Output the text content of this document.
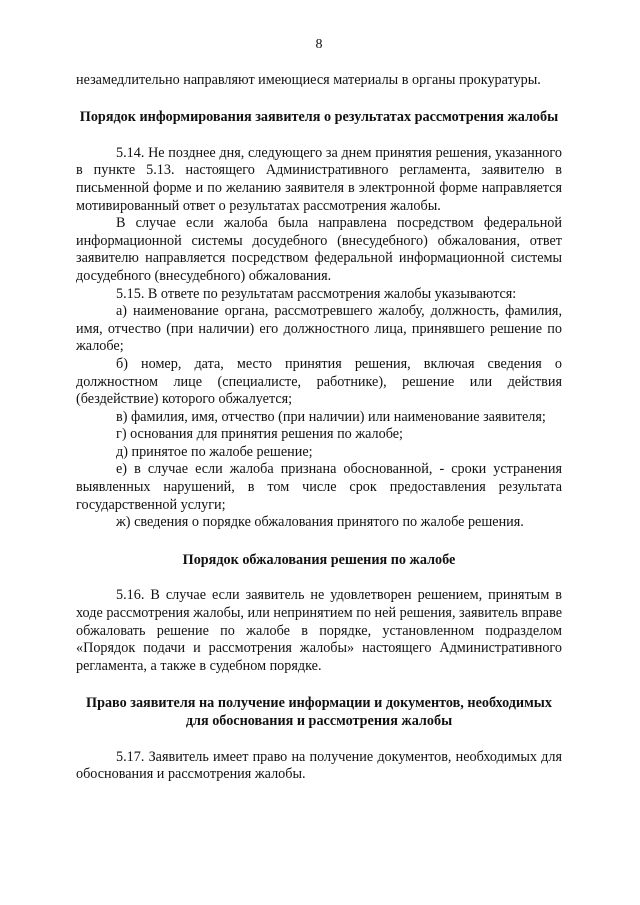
8

незамедлительно направляют имеющиеся материалы в органы прокуратуры.

Порядок информирования заявителя о результатах рассмотрения жалобы

5.14. Не позднее дня, следующего за днем принятия решения, указанного в пункте 5.13. настоящего Административного регламента, заявителю в письменной форме и по желанию заявителя в электронной форме направляется мотивированный ответ о результатах рассмотрения жалобы.

В случае если жалоба была направлена посредством федеральной информационной системы досудебного (внесудебного) обжалования, ответ заявителю направляется посредством федеральной информационной системы досудебного (внесудебного) обжалования.

5.15. В ответе по результатам рассмотрения жалобы указываются:

а) наименование органа, рассмотревшего жалобу, должность, фамилия, имя, отчество (при наличии) его должностного лица, принявшего решение по жалобе;

б) номер, дата, место принятия решения, включая сведения о должностном лице (специалисте, работнике), решение или действия (бездействие) которого обжалуется;

в) фамилия, имя, отчество (при наличии) или наименование заявителя;

г) основания для принятия решения по жалобе;

д) принятое по жалобе решение;

е) в случае если жалоба признана обоснованной, - сроки устранения выявленных нарушений, в том числе срок предоставления результата государственной услуги;

ж) сведения о порядке обжалования принятого по жалобе решения.

Порядок обжалования решения по жалобе

5.16. В случае если заявитель не удовлетворен решением, принятым в ходе рассмотрения жалобы, или непринятием по ней решения, заявитель вправе обжаловать решение по жалобе в порядке, установленном подразделом «Порядок подачи и рассмотрения жалобы» настоящего Административного регламента, а также в судебном порядке.

Право заявителя на получение информации и документов, необходимых для обоснования и рассмотрения жалобы

5.17. Заявитель имеет право на получение документов, необходимых для обоснования и рассмотрения жалобы.
